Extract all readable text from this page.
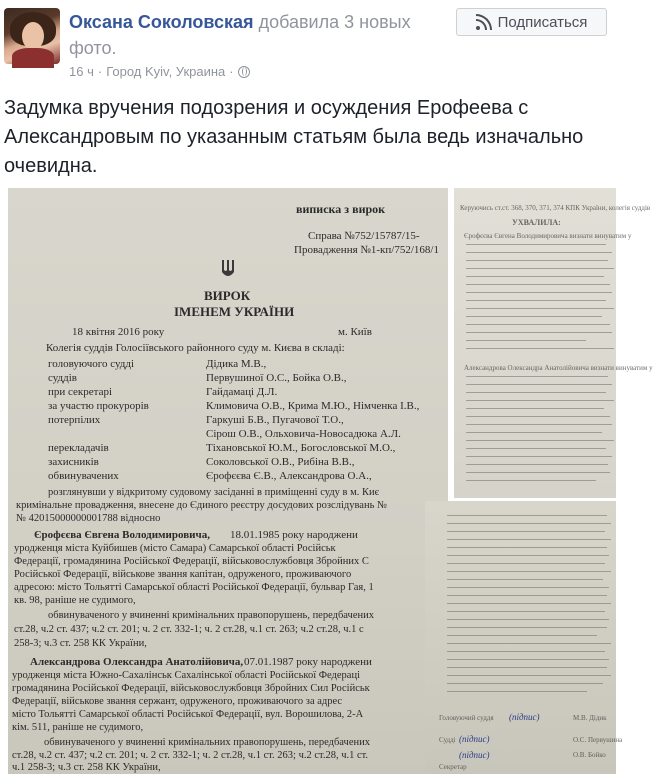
Оксана Соколовская добавила 3 новых фото.
16 ч · Город Kyiv, Украина ·
Подписаться
Задумка вручения подозрения и осуждения Ерофеева с Александровым по указанным статьям была ведь изначально очевидна.
виписка з вирок
Справа №752/15787/15-
Провадження №1-кп/752/168/1
ВИРОК
ІМЕНЕМ УКРАЇНИ
18 квітня 2016 року	м. Київ
Колегія суддів Голосіївського районного суду м. Києва в складі:
головуючого судді	Дідика М.В.,
суддів	Первушиної О.С., Бойка О.В.,
при секретарі	Гайдамаці Д.Л.
за участю прокурорів	Климовича О.В., Крима М.Ю., Німченка І.В.,
потерпілих	Гаркуші Б.В., Пугачової Т.О.,
Сірош О.В., Ольховича-Новосадюка А.Л.
перекладачів	Тіхановської Ю.М., Богословської М.О.,
захисників	Соколовської О.В., Рибіна В.В.,
обвинувачених	Єрофєєва Є.В., Александрова О.А.,
розглянувши у відкритому судовому засіданні в приміщенні суду в м. Киє
кримінальне провадження, внесене до Єдиного реєстру досудових розслідувань №
№ 42015000000001788 відносно
Єрофєєва Євгена Володимировича, 18.01.1985 року народжени
уродженця міста Куйбишев (місто Самара) Самарської області Російськ
Федерації, громадянина Російської Федерації, військовослужбовця Збройних С
Російської Федерації, військове звання капітан, одруженого, проживаючого
адресою: місто Тольятті Самарської області Російської Федерації, бульвар Гая, 1
кв. 98, раніше не судимого,
обвинуваченого у вчиненні кримінальних правопорушень, передбачених
ст.28, ч.2 ст. 437; ч.2 ст. 201; ч. 2 ст. 332-1; ч. 2 ст.28, ч.1 ст. 263; ч.2 ст.28, ч.1 с
258-3; ч.3 ст. 258 КК України,
Александрова Олександра Анатолійовича, 07.01.1987 року народжени
уродженця міста Южно-Сахалінськ Сахалінської області Російської Федераці
громадянина Російської Федерації, військовослужбовця Збройних Сил Російськ
Федерації, військове звання сержант, одруженого, проживаючого за адрес
місто Тольятті Самарської області Російської Федерації, вул. Ворошилова, 2-А
кім. 511, раніше не судимого,
обвинуваченого у вчиненні кримінальних правопорушень, передбачених
ст.28, ч.2 ст. 437; ч.2 ст. 201; ч. 2 ст. 332-1; ч. 2 ст.28, ч.1 ст. 263; ч.2 ст.28, ч.1 ст.
ч.1 258-3; ч.3 ст. 258 КК України,
Керуючись ст.ст. 368, 370, 371, 374 КПК України, колегія суддів
УХВАЛИЛА:
Єрофєєва Євгена Володимировича визнати винуватим у
Александрова Олександра Анатолійовича визнати винуватим у
Головуючий суддя (підпис)	М.В. Дідик
Судді (підпис)	О.С. Первушина
(підпис)	О.В. Бойко
Секретар
